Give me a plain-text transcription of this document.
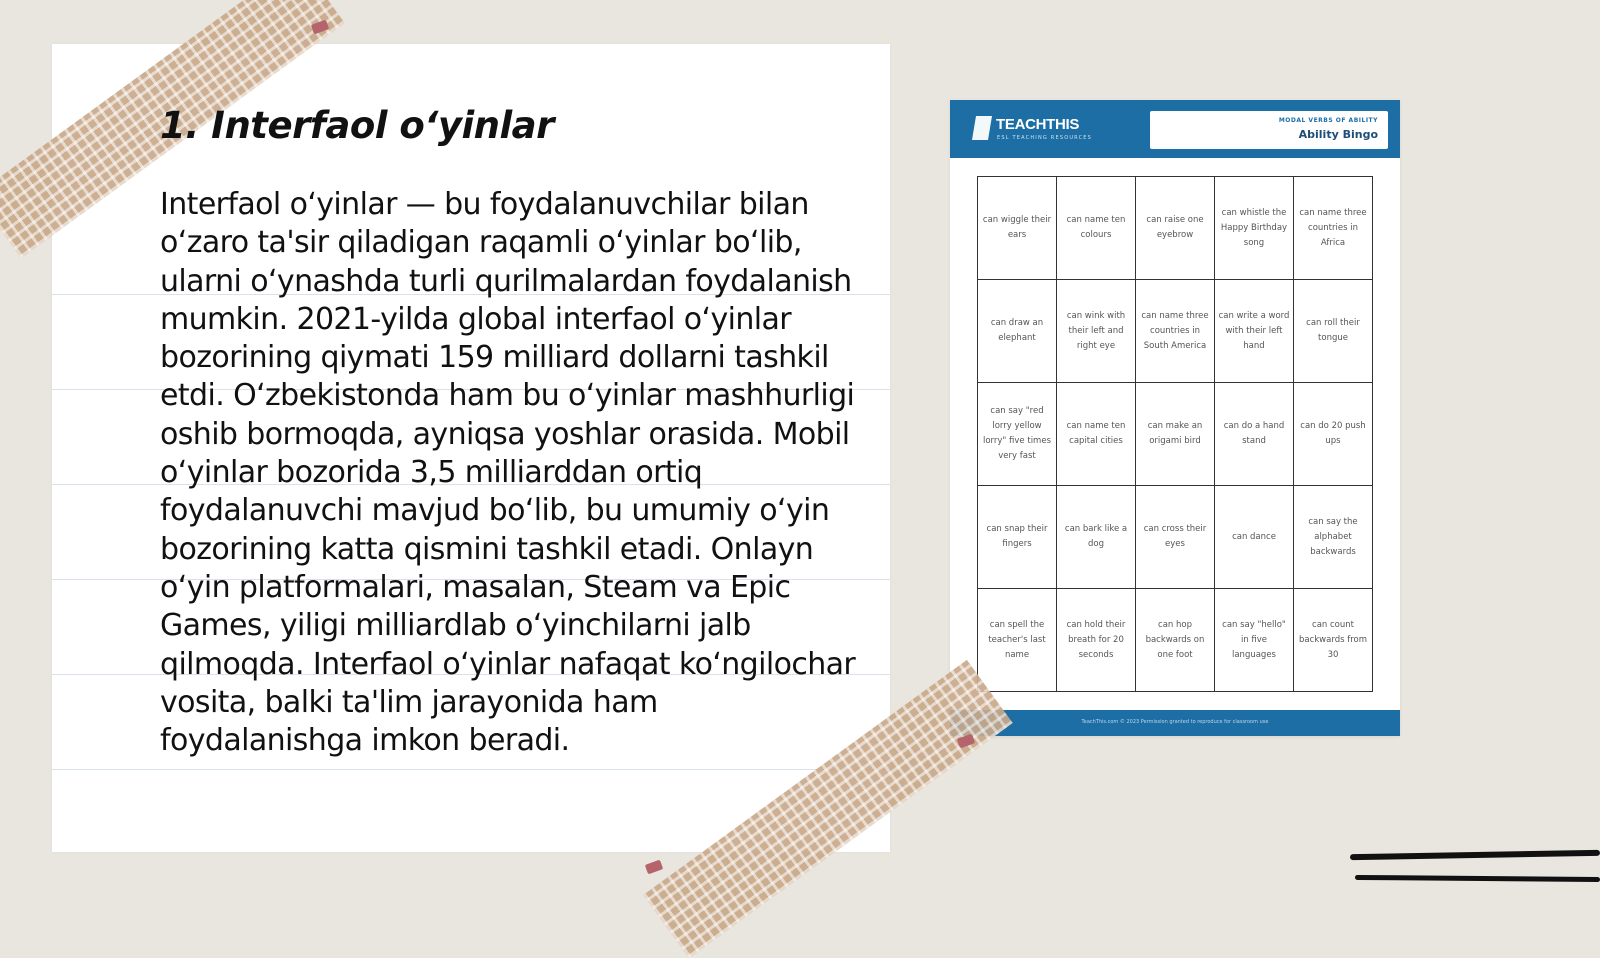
1. Interfaol o‘yinlar
Interfaol o‘yinlar — bu foydalanuvchilar bilan o‘zaro ta'sir qiladigan raqamli o‘yinlar bo‘lib, ularni o‘ynashda turli qurilmalardan foydalanish mumkin. 2021-yilda global interfaol o‘yinlar bozorining qiymati 159 milliard dollarni tashkil etdi. O‘zbekistonda ham bu o‘yinlar mashhurligi oshib bormoqda, ayniqsa yoshlar orasida. Mobil o‘yinlar bozorida 3,5 milliarddan ortiq foydalanuvchi mavjud bo‘lib, bu umumiy o‘yin bozorining katta qismini tashkil etadi. Onlayn o‘yin platformalari, masalan, Steam va Epic Games, yiligi milliardlab o‘yinchilarni jalb qilmoqda. Interfaol o‘yinlar nafaqat ko‘ngilochar vosita, balki ta'lim jarayonida ham foydalanishga imkon beradi.
TEACHTHIS
ESL TEACHING RESOURCES
MODAL VERBS OF ABILITY
Ability Bingo
can wiggle their ears
can name ten colours
can raise one eyebrow
can whistle the Happy Birthday song
can name three countries in Africa
can draw an elephant
can wink with their left and right eye
can name three countries in South America
can write a word with their left hand
can roll their tongue
can say "red lorry yellow lorry" five times very fast
can name ten capital cities
can make an origami bird
can do a hand stand
can do 20 push ups
can snap their fingers
can bark like a dog
can cross their eyes
can dance
can say the alphabet backwards
can spell the teacher's last name
can hold their breath for 20 seconds
can hop backwards on one foot
can say "hello" in five languages
can count backwards from 30
TeachThis.com © 2023 Permission granted to reproduce for classroom use
